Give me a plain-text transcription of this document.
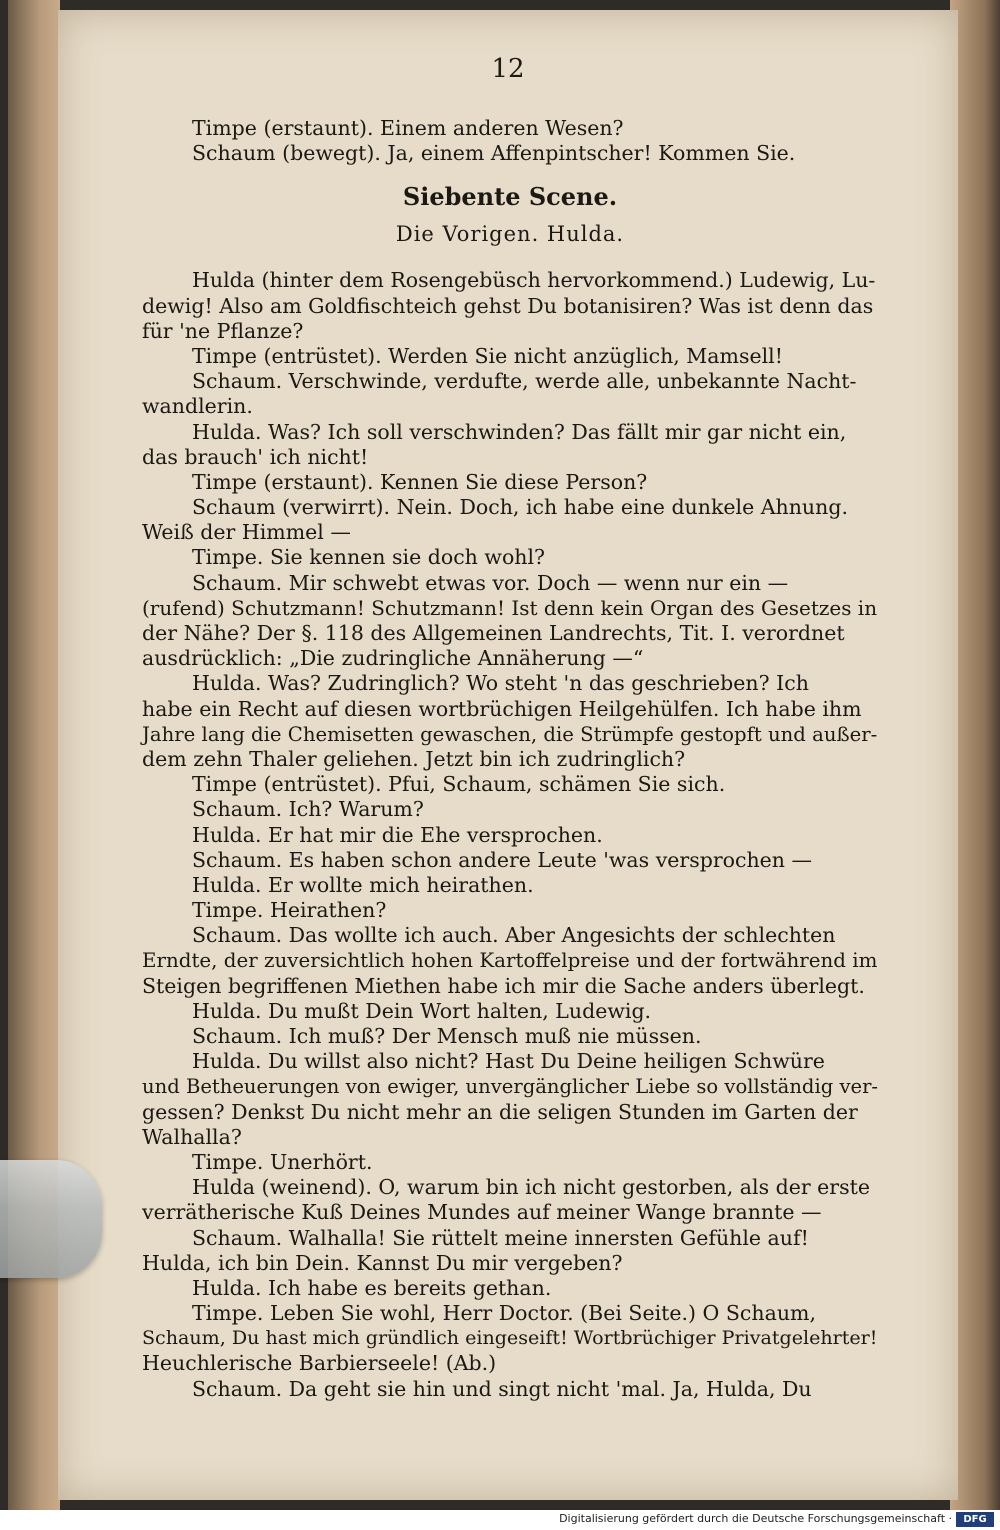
12
Timpe (erstaunt). Einem anderen Wesen?
Schaum (bewegt). Ja, einem Affenpintscher! Kommen Sie.
Siebente Scene.
Die Vorigen. Hulda.
Hulda (hinter dem Rosengebüsch hervorkommend.) Ludewig, Lu-
dewig! Also am Goldfischteich gehst Du botanisiren? Was ist denn das
für 'ne Pflanze?
Timpe (entrüstet). Werden Sie nicht anzüglich, Mamsell!
Schaum. Verschwinde, verdufte, werde alle, unbekannte Nacht-
wandlerin.
Hulda. Was? Ich soll verschwinden? Das fällt mir gar nicht ein,
das brauch' ich nicht!
Timpe (erstaunt). Kennen Sie diese Person?
Schaum (verwirrt). Nein. Doch, ich habe eine dunkele Ahnung.
Weiß der Himmel —
Timpe. Sie kennen sie doch wohl?
Schaum. Mir schwebt etwas vor. Doch — wenn nur ein —
(rufend) Schutzmann! Schutzmann! Ist denn kein Organ des Gesetzes in
der Nähe? Der §. 118 des Allgemeinen Landrechts, Tit. I. verordnet
ausdrücklich: „Die zudringliche Annäherung —“
Hulda. Was? Zudringlich? Wo steht 'n das geschrieben? Ich
habe ein Recht auf diesen wortbrüchigen Heilgehülfen. Ich habe ihm
Jahre lang die Chemisetten gewaschen, die Strümpfe gestopft und außer-
dem zehn Thaler geliehen. Jetzt bin ich zudringlich?
Timpe (entrüstet). Pfui, Schaum, schämen Sie sich.
Schaum. Ich? Warum?
Hulda. Er hat mir die Ehe versprochen.
Schaum. Es haben schon andere Leute 'was versprochen —
Hulda. Er wollte mich heirathen.
Timpe. Heirathen?
Schaum. Das wollte ich auch. Aber Angesichts der schlechten
Erndte, der zuversichtlich hohen Kartoffelpreise und der fortwährend im
Steigen begriffenen Miethen habe ich mir die Sache anders überlegt.
Hulda. Du mußt Dein Wort halten, Ludewig.
Schaum. Ich muß? Der Mensch muß nie müssen.
Hulda. Du willst also nicht? Hast Du Deine heiligen Schwüre
und Betheuerungen von ewiger, unvergänglicher Liebe so vollständig ver-
gessen? Denkst Du nicht mehr an die seligen Stunden im Garten der
Walhalla?
Timpe. Unerhört.
Hulda (weinend). O, warum bin ich nicht gestorben, als der erste
verrätherische Kuß Deines Mundes auf meiner Wange brannte —
Schaum. Walhalla! Sie rüttelt meine innersten Gefühle auf!
Hulda, ich bin Dein. Kannst Du mir vergeben?
Hulda. Ich habe es bereits gethan.
Timpe. Leben Sie wohl, Herr Doctor. (Bei Seite.) O Schaum,
Schaum, Du hast mich gründlich eingeseift! Wortbrüchiger Privatgelehrter!
Heuchlerische Barbierseele! (Ab.)
Schaum. Da geht sie hin und singt nicht 'mal. Ja, Hulda, Du
Digitalisierung gefördert durch die Deutsche Forschungsgemeinschaft ·	DFG
